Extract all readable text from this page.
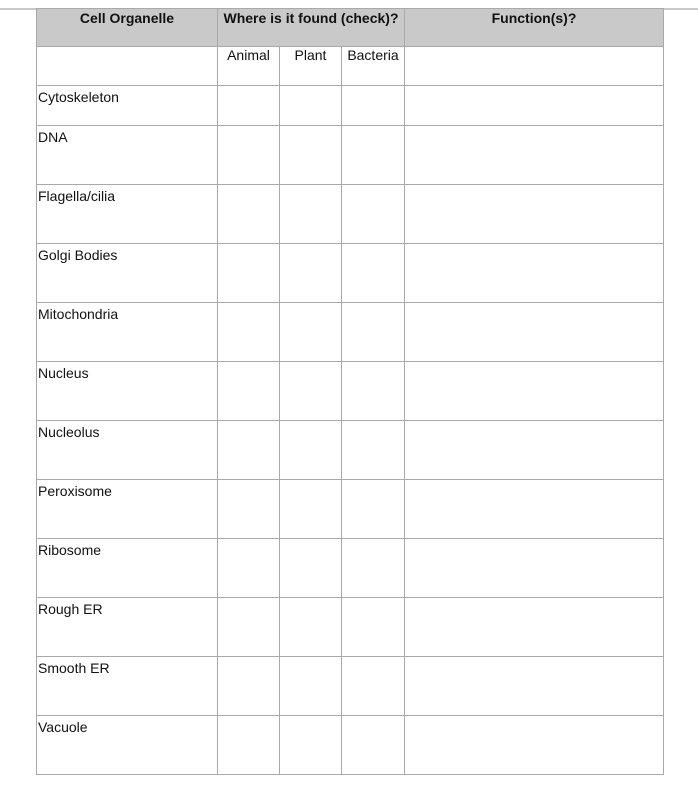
Cell Organelle	Where is it found (check)?			Function(s)?
	Animal	Plant	Bacteria	
Cytoskeleton				
DNA				
Flagella/cilia				
Golgi Bodies				
Mitochondria				
Nucleus				
Nucleolus				
Peroxisome				
Ribosome				
Rough ER				
Smooth ER				
Vacuole				
